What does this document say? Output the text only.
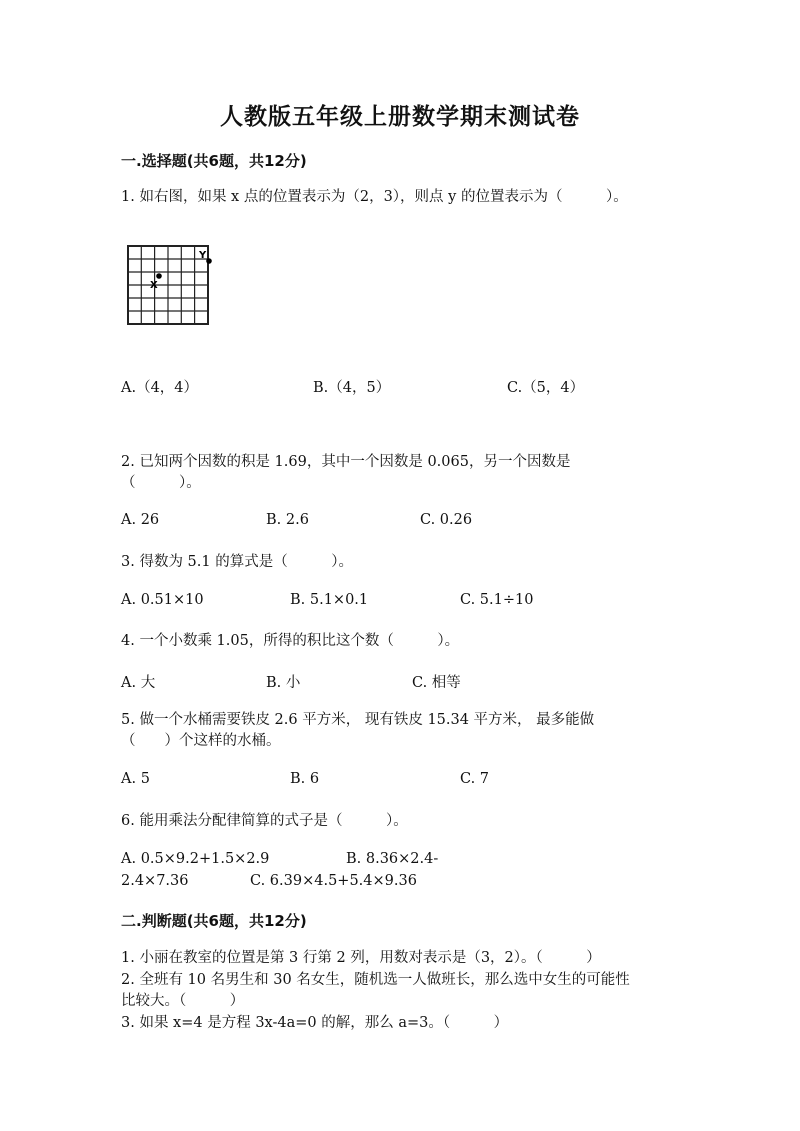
人教版五年级上册数学期末测试卷
一.选择题(共6题，共12分)
1. 如右图，如果 x 点的位置表示为（2，3），则点 y 的位置表示为（　　　）。
X
Y
A.（4，4）	B.（4，5）	C.（5，4）
2. 已知两个因数的积是 1.69，其中一个因数是 0.065，另一个因数是
（　　　）。
A. 26	B. 2.6	C. 0.26
3. 得数为 5.1 的算式是（　　　）。
A. 0.51×10	B. 5.1×0.1	C. 5.1÷10
4. 一个小数乘 1.05，所得的积比这个数（　　　）。
A. 大	B. 小	C. 相等
5. 做一个水桶需要铁皮 2.6 平方米， 现有铁皮 15.34 平方米， 最多能做
（　　）个这样的水桶。
A. 5	B. 6	C. 7
6. 能用乘法分配律简算的式子是（　　　）。
A. 0.5×9.2+1.5×2.9	B. 8.36×2.4-
2.4×7.36	C. 6.39×4.5+5.4×9.36
二.判断题(共6题，共12分)
1. 小丽在教室的位置是第 3 行第 2 列，用数对表示是（3，2）。（　　　）
2. 全班有 10 名男生和 30 名女生，随机选一人做班长，那么选中女生的可能性
比较大。（　　　）
3. 如果 x=4 是方程 3x-4a=0 的解，那么 a=3。（　　　）
